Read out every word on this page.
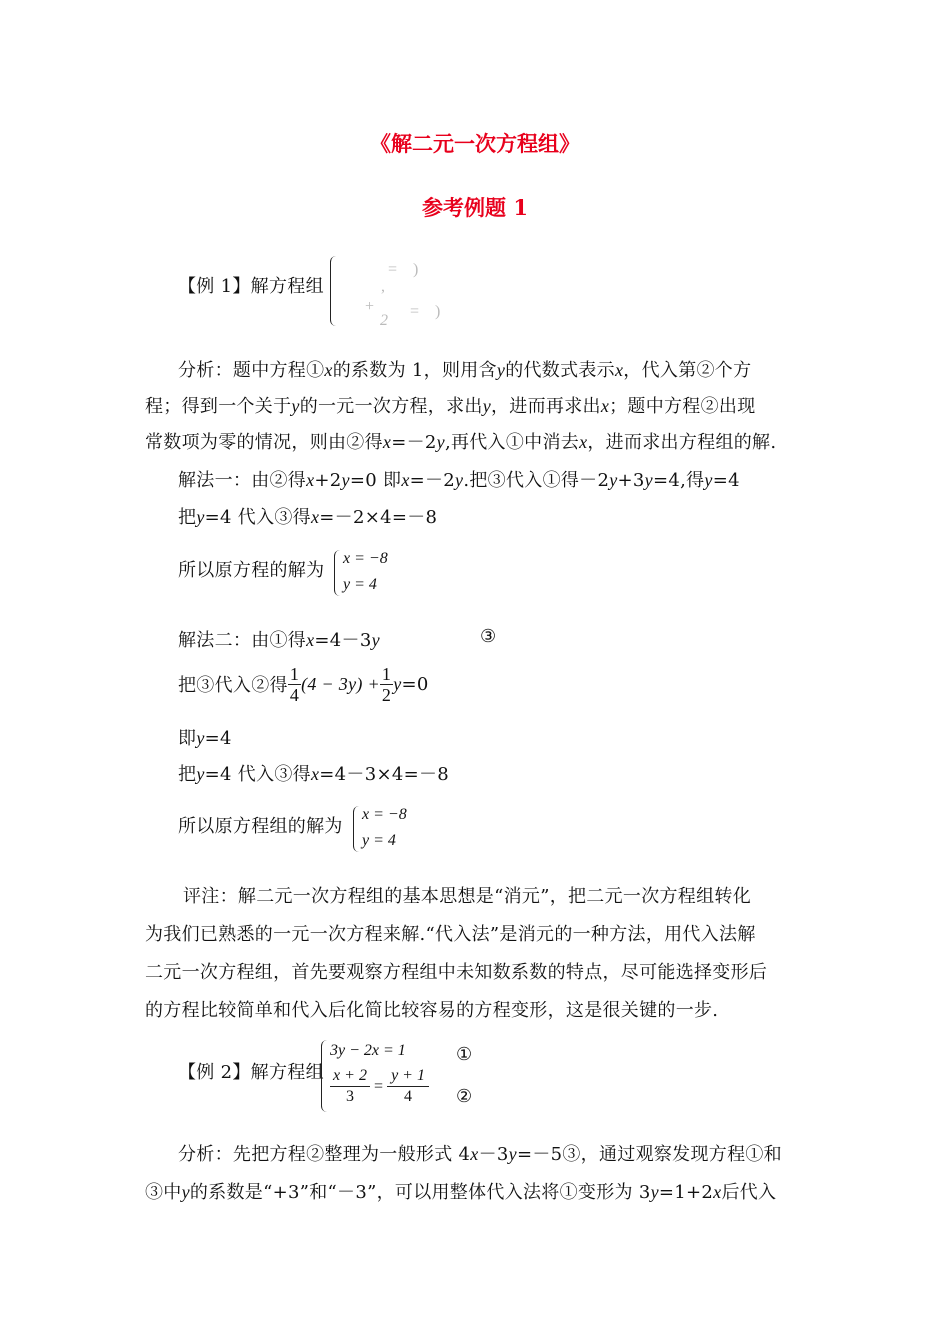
《解二元一次方程组》
参考例题 1
【例 1】解方程组
=　)
,
+ =　)
2
分析：题中方程①x的系数为 1，则用含y的代数式表示x，代入第②个方
程；得到一个关于y的一元一次方程，求出y，进而再求出x；题中方程②出现
常数项为零的情况，则由②得x=－2y,再代入①中消去x，进而求出方程组的解.
解法一：由②得x+2y=0 即x=－2y.把③代入①得－2y+3y=4,得y=4
把y=4 代入③得x=－2×4=－8
所以原方程的解为
x = −8
y = 4
解法二：由①得x=4－3y	③
把③代入②得 $\frac{1}{4} (4 - 3y) + \frac{1}{2}$ y =0
即y=4
把y=4 代入③得x=4－3×4=－8
所以原方程组的解为
x = −8
y = 4
评注：解二元一次方程组的基本思想是“消元”，把二元一次方程组转化
为我们已熟悉的一元一次方程来解.“代入法”是消元的一种方法，用代入法解
二元一次方程组，首先要观察方程组中未知数系数的特点，尽可能选择变形后
的方程比较简单和代入后化简比较容易的方程变形，这是很关键的一步.
【例 2】解方程组
3y − 2x = 1
$\frac{x + 2}{3} = \frac{y + 1}{4}$
①
②
分析：先把方程②整理为一般形式 4x－3y=－5③，通过观察发现方程①和
③中y的系数是“+3”和“－3”，可以用整体代入法将①变形为 3y=1+2x后代入
